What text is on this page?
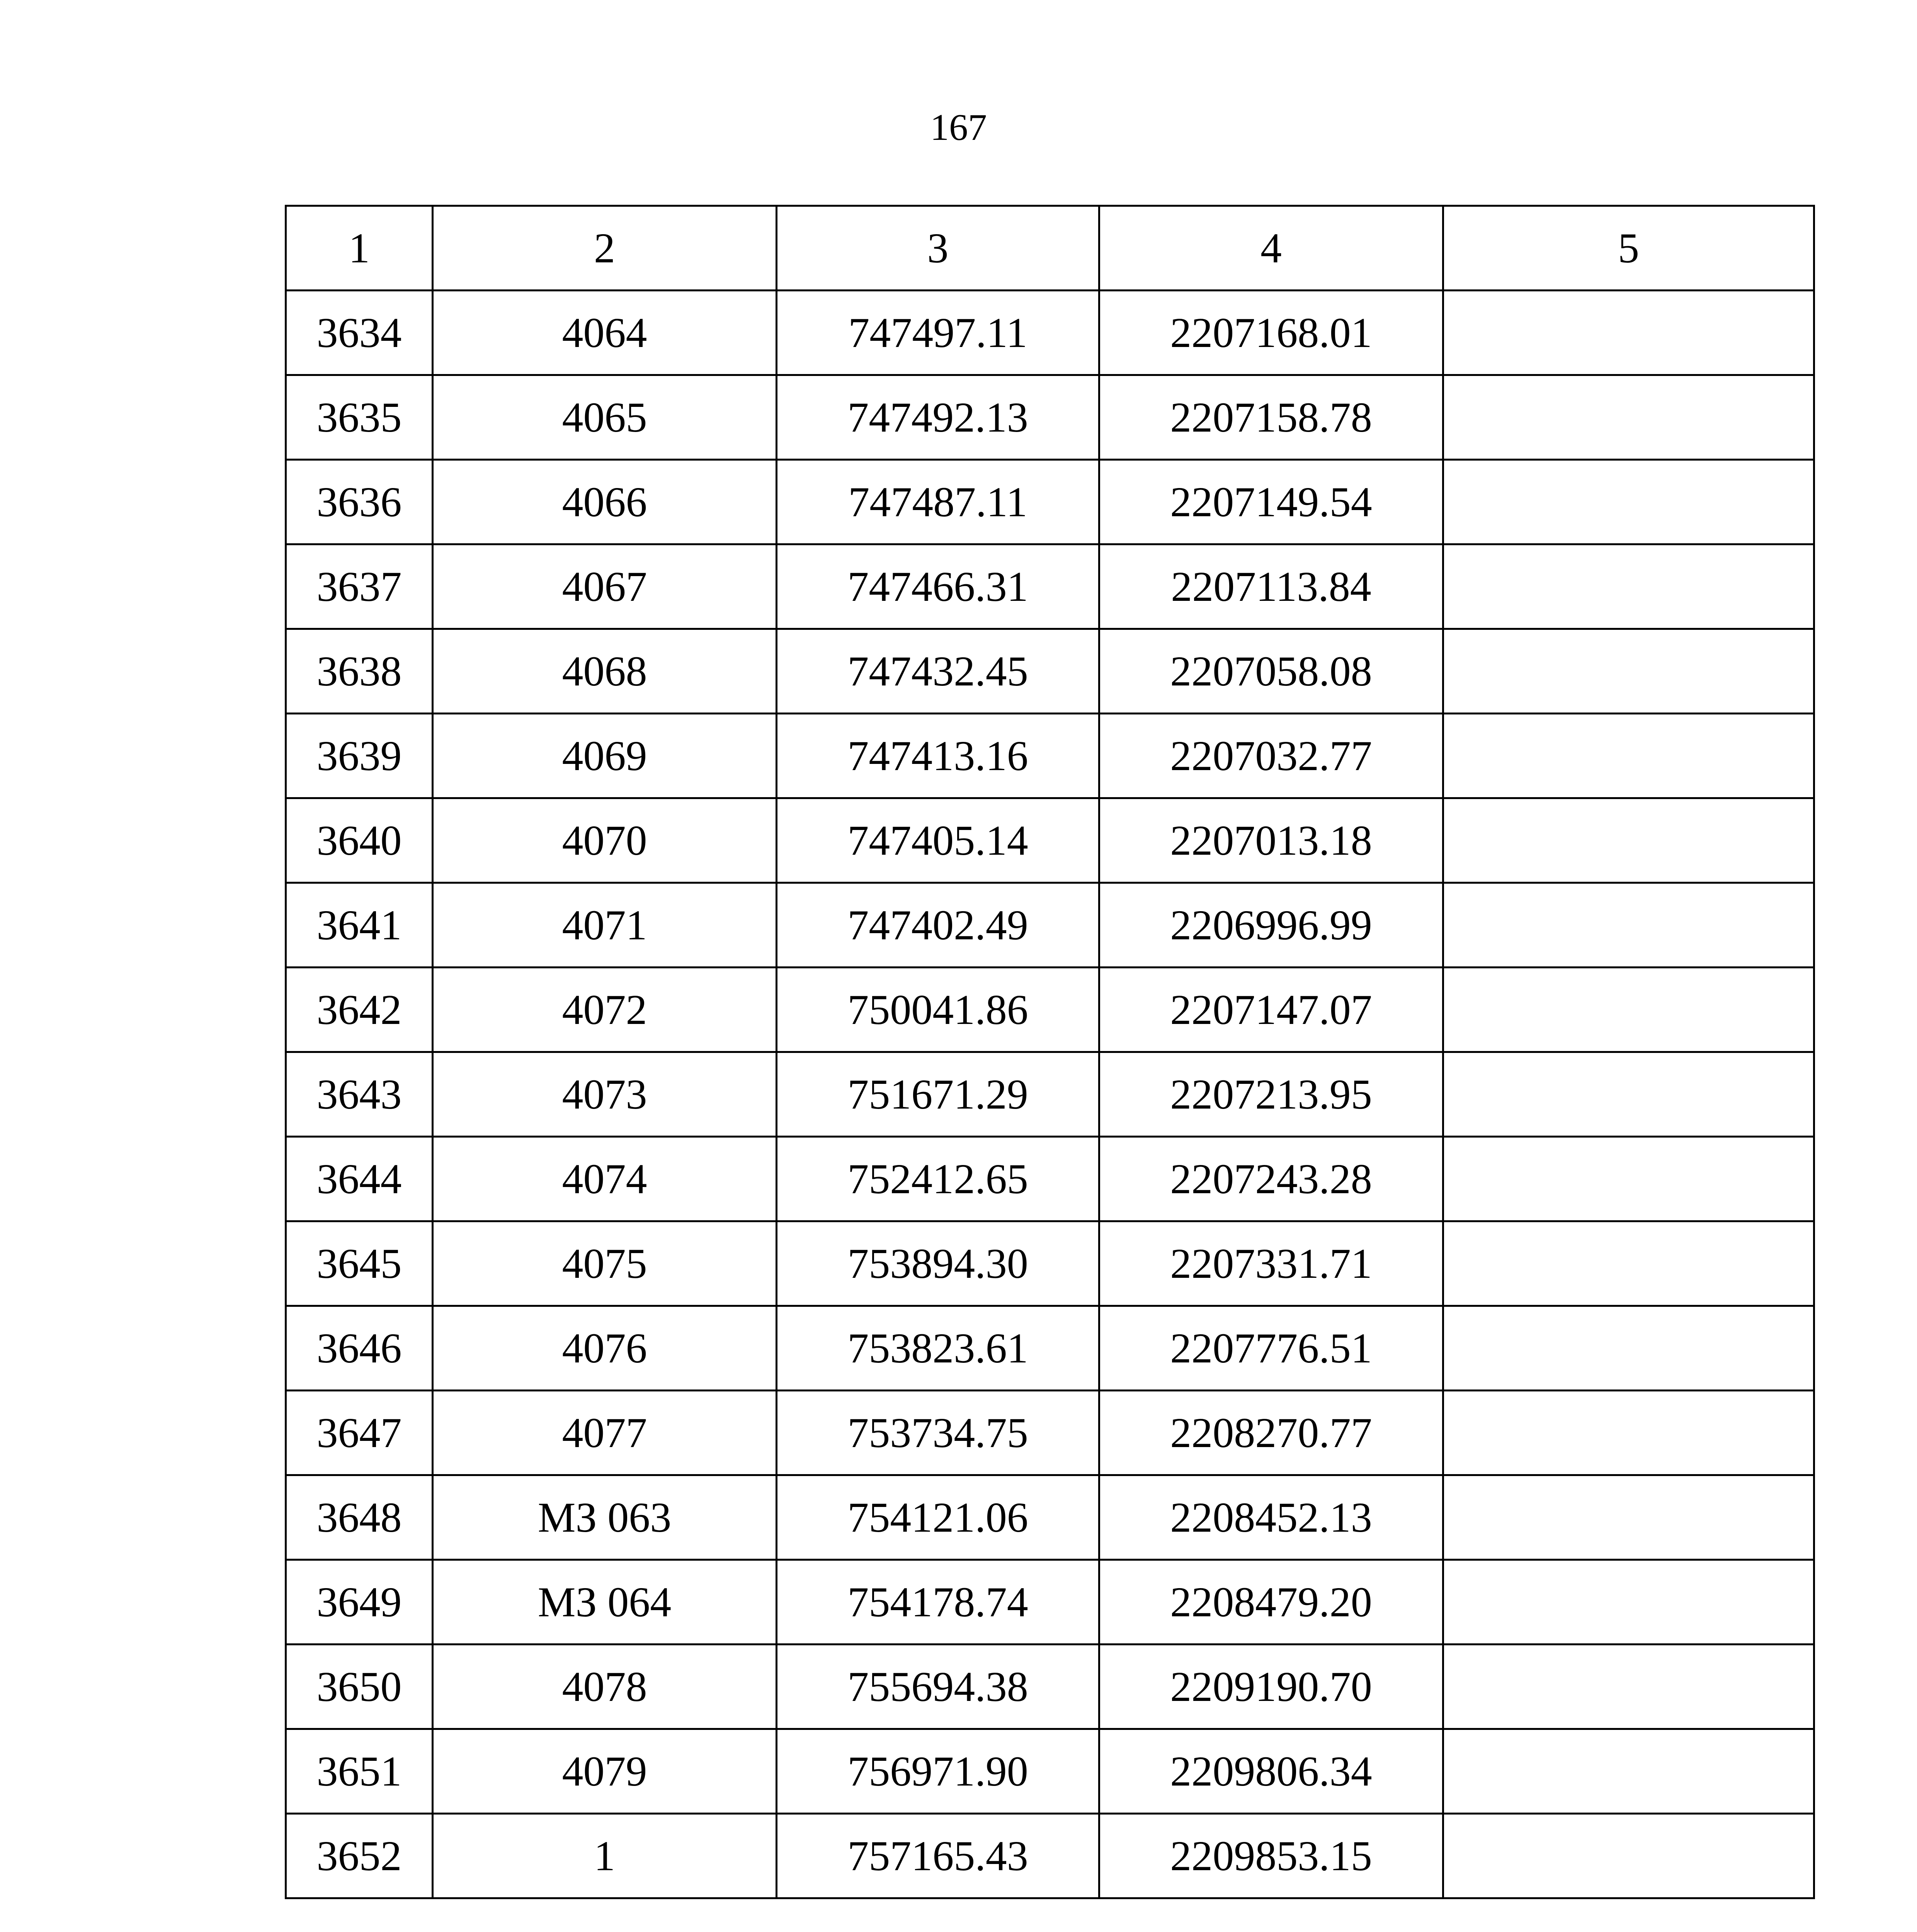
167
1	2	3	4	5
3634	4064	747497.11	2207168.01	
3635	4065	747492.13	2207158.78	
3636	4066	747487.11	2207149.54	
3637	4067	747466.31	2207113.84	
3638	4068	747432.45	2207058.08	
3639	4069	747413.16	2207032.77	
3640	4070	747405.14	2207013.18	
3641	4071	747402.49	2206996.99	
3642	4072	750041.86	2207147.07	
3643	4073	751671.29	2207213.95	
3644	4074	752412.65	2207243.28	
3645	4075	753894.30	2207331.71	
3646	4076	753823.61	2207776.51	
3647	4077	753734.75	2208270.77	
3648	МЗ 063	754121.06	2208452.13	
3649	МЗ 064	754178.74	2208479.20	
3650	4078	755694.38	2209190.70	
3651	4079	756971.90	2209806.34	
3652	1	757165.43	2209853.15	
